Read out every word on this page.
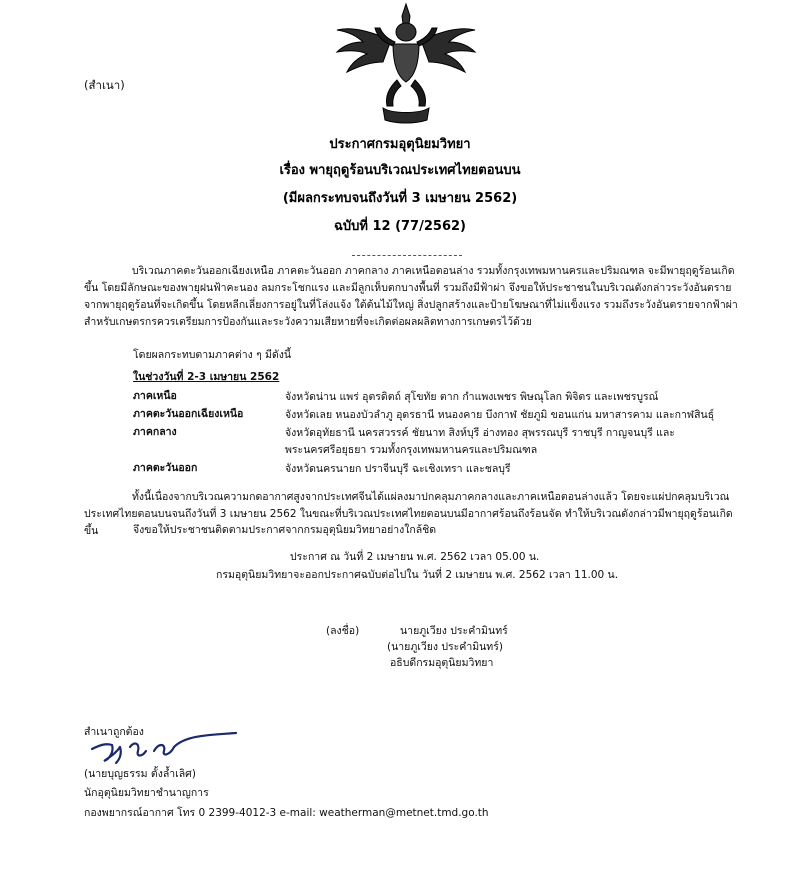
(สำเนา)
ประกาศกรมอุตุนิยมวิทยา
เรื่อง พายุฤดูร้อนบริเวณประเทศไทยตอนบน
(มีผลกระทบจนถึงวันที่ 3 เมษายน 2562)
ฉบับที่ 12 (77/2562)
บริเวณภาคตะวันออกเฉียงเหนือ ภาคตะวันออก ภาคกลาง ภาคเหนือตอนล่าง รวมทั้งกรุงเทพมหานครและปริมณฑล จะมีพายุฤดูร้อนเกิดขึ้น โดยมีลักษณะของพายุฝนฟ้าคะนอง ลมกระโชกแรง และมีลูกเห็บตกบางพื้นที่ รวมถึงมีฟ้าผ่า จึงขอให้ประชาชนในบริเวณดังกล่าวระวังอันตรายจากพายุฤดูร้อนที่จะเกิดขึ้น โดยหลีกเลี่ยงการอยู่ในที่โล่งแจ้ง ใต้ต้นไม้ใหญ่ สิ่งปลูกสร้างและป้ายโฆษณาที่ไม่แข็งแรง รวมถึงระวังอันตรายจากฟ้าผ่า สำหรับเกษตรกรควรเตรียมการป้องกันและระวังความเสียหายที่จะเกิดต่อผลผลิตทางการเกษตรไว้ด้วย
โดยผลกระทบตามภาคต่าง ๆ มีดังนี้
ในช่วงวันที่ 2-3 เมษายน 2562
ภาคเหนือ	จังหวัดน่าน แพร่ อุตรดิตถ์ สุโขทัย ตาก กำแพงเพชร พิษณุโลก พิจิตร และเพชรบูรณ์
ภาคตะวันออกเฉียงเหนือ	จังหวัดเลย หนองบัวลำภู อุดรธานี หนองคาย บึงกาฬ ชัยภูมิ ขอนแก่น มหาสารคาม และกาฬสินธุ์
ภาคกลาง	จังหวัดอุทัยธานี นครสวรรค์ ชัยนาท สิงห์บุรี อ่างทอง สุพรรณบุรี ราชบุรี กาญจนบุรี และพระนครศรีอยุธยา รวมทั้งกรุงเทพมหานครและปริมณฑล
ภาคตะวันออก	จังหวัดนครนายก ปราจีนบุรี ฉะเชิงเทรา และชลบุรี
ทั้งนี้เนื่องจากบริเวณความกดอากาศสูงจากประเทศจีนได้แผ่ลงมาปกคลุมภาคกลางและภาคเหนือตอนล่างแล้ว โดยจะแผ่ปกคลุมบริเวณประเทศไทยตอนบนจนถึงวันที่ 3 เมษายน 2562 ในขณะที่บริเวณประเทศไทยตอนบนมีอากาศร้อนถึงร้อนจัด ทำให้บริเวณดังกล่าวมีพายุฤดูร้อนเกิดขึ้น	จึงขอให้ประชาชนติดตามประกาศจากกรมอุตุนิยมวิทยาอย่างใกล้ชิด
ประกาศ ณ วันที่ 2 เมษายน พ.ศ. 2562 เวลา 05.00 น.
กรมอุตุนิยมวิทยาจะออกประกาศฉบับต่อไปใน วันที่ 2 เมษายน พ.ศ. 2562 เวลา 11.00 น.
(ลงชื่อ)	นายภูเวียง ประคำมินทร์
(นายภูเวียง ประคำมินทร์)
อธิบดีกรมอุตุนิยมวิทยา
สำเนาถูกต้อง
(นายบุญธรรม ตั้งล้ำเลิศ)
นักอุตุนิยมวิทยาชำนาญการ
กองพยากรณ์อากาศ โทร 0 2399-4012-3 e-mail: weatherman@metnet.tmd.go.th
